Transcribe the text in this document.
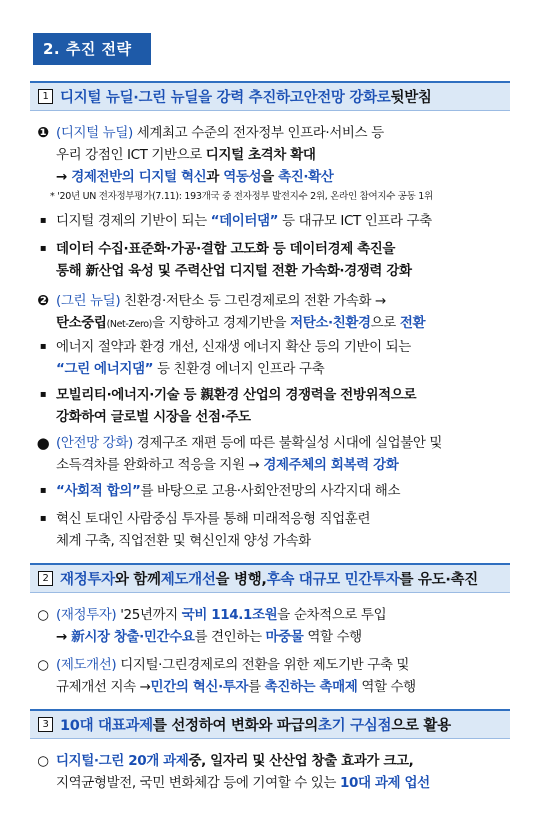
2. 추진 전략
1 디지털 뉴딜·그린 뉴딜을 강력 추진하고 안전망 강화로 뒷받침
❶ (디지털 뉴딜) 세계최고 수준의 전자정부 인프라·서비스 등
우리 강점인 ICT 기반으로 디지털 초격차 확대
→ 경제전반의 디지털 혁신과 역동성을 촉진·확산
* '20년 UN 전자정부평가(7.11): 193개국 중 전자정부 발전지수 2위, 온라인 참여지수 공동 1위
▪ 디지털 경제의 기반이 되는 “데이터댐” 등 대규모 ICT 인프라 구축
▪ 데이터 수집·표준화·가공·결합 고도화 등 데이터경제 촉진을
통해 新산업 육성 및 주력산업 디지털 전환 가속화·경쟁력 강화
❷ (그린 뉴딜) 친환경·저탄소 등 그린경제로의 전환 가속화 →
탄소중립(Net-Zero)을 지향하고 경제기반을 저탄소·친환경으로 전환
▪ 에너지 절약과 환경 개선, 신재생 에너지 확산 등의 기반이 되는
“그린 에너지댐” 등 친환경 에너지 인프라 구축
▪ 모빌리티·에너지·기술 등 親환경 산업의 경쟁력을 전방위적으로
강화하여 글로벌 시장을 선점·주도
● (안전망 강화) 경제구조 재편 등에 따른 불확실성 시대에 실업불안 및
소득격차를 완화하고 적응을 지원 → 경제주체의 회복력 강화
▪ “사회적 합의”를 바탕으로 고용·사회안전망의 사각지대 해소
▪ 혁신 토대인 사람중심 투자를 통해 미래적응형 직업훈련
체계 구축, 직업전환 및 혁신인재 양성 가속화
2 재정투자 와 함께 제도개선 을 병행, 후속 대규모 민간투자 를 유도·촉진
○ (재정투자) '25년까지 국비 114.1조원을 순차적으로 투입
→ 新시장 창출·민간수요를 견인하는 마중물 역할 수행
○ (제도개선) 디지털·그린경제로의 전환을 위한 제도기반 구축 및
규제개선 지속 →민간의 혁신·투자를 촉진하는 촉매제 역할 수행
3 10대 대표과제 를 선정하여 변화와 파급의 초기 구심점 으로 활용
○ 디지털·그린 20개 과제중, 일자리 및 산산업 창출 효과가 크고,
지역균형발전, 국민 변화체감 등에 기여할 수 있는 10대 과제 업선
